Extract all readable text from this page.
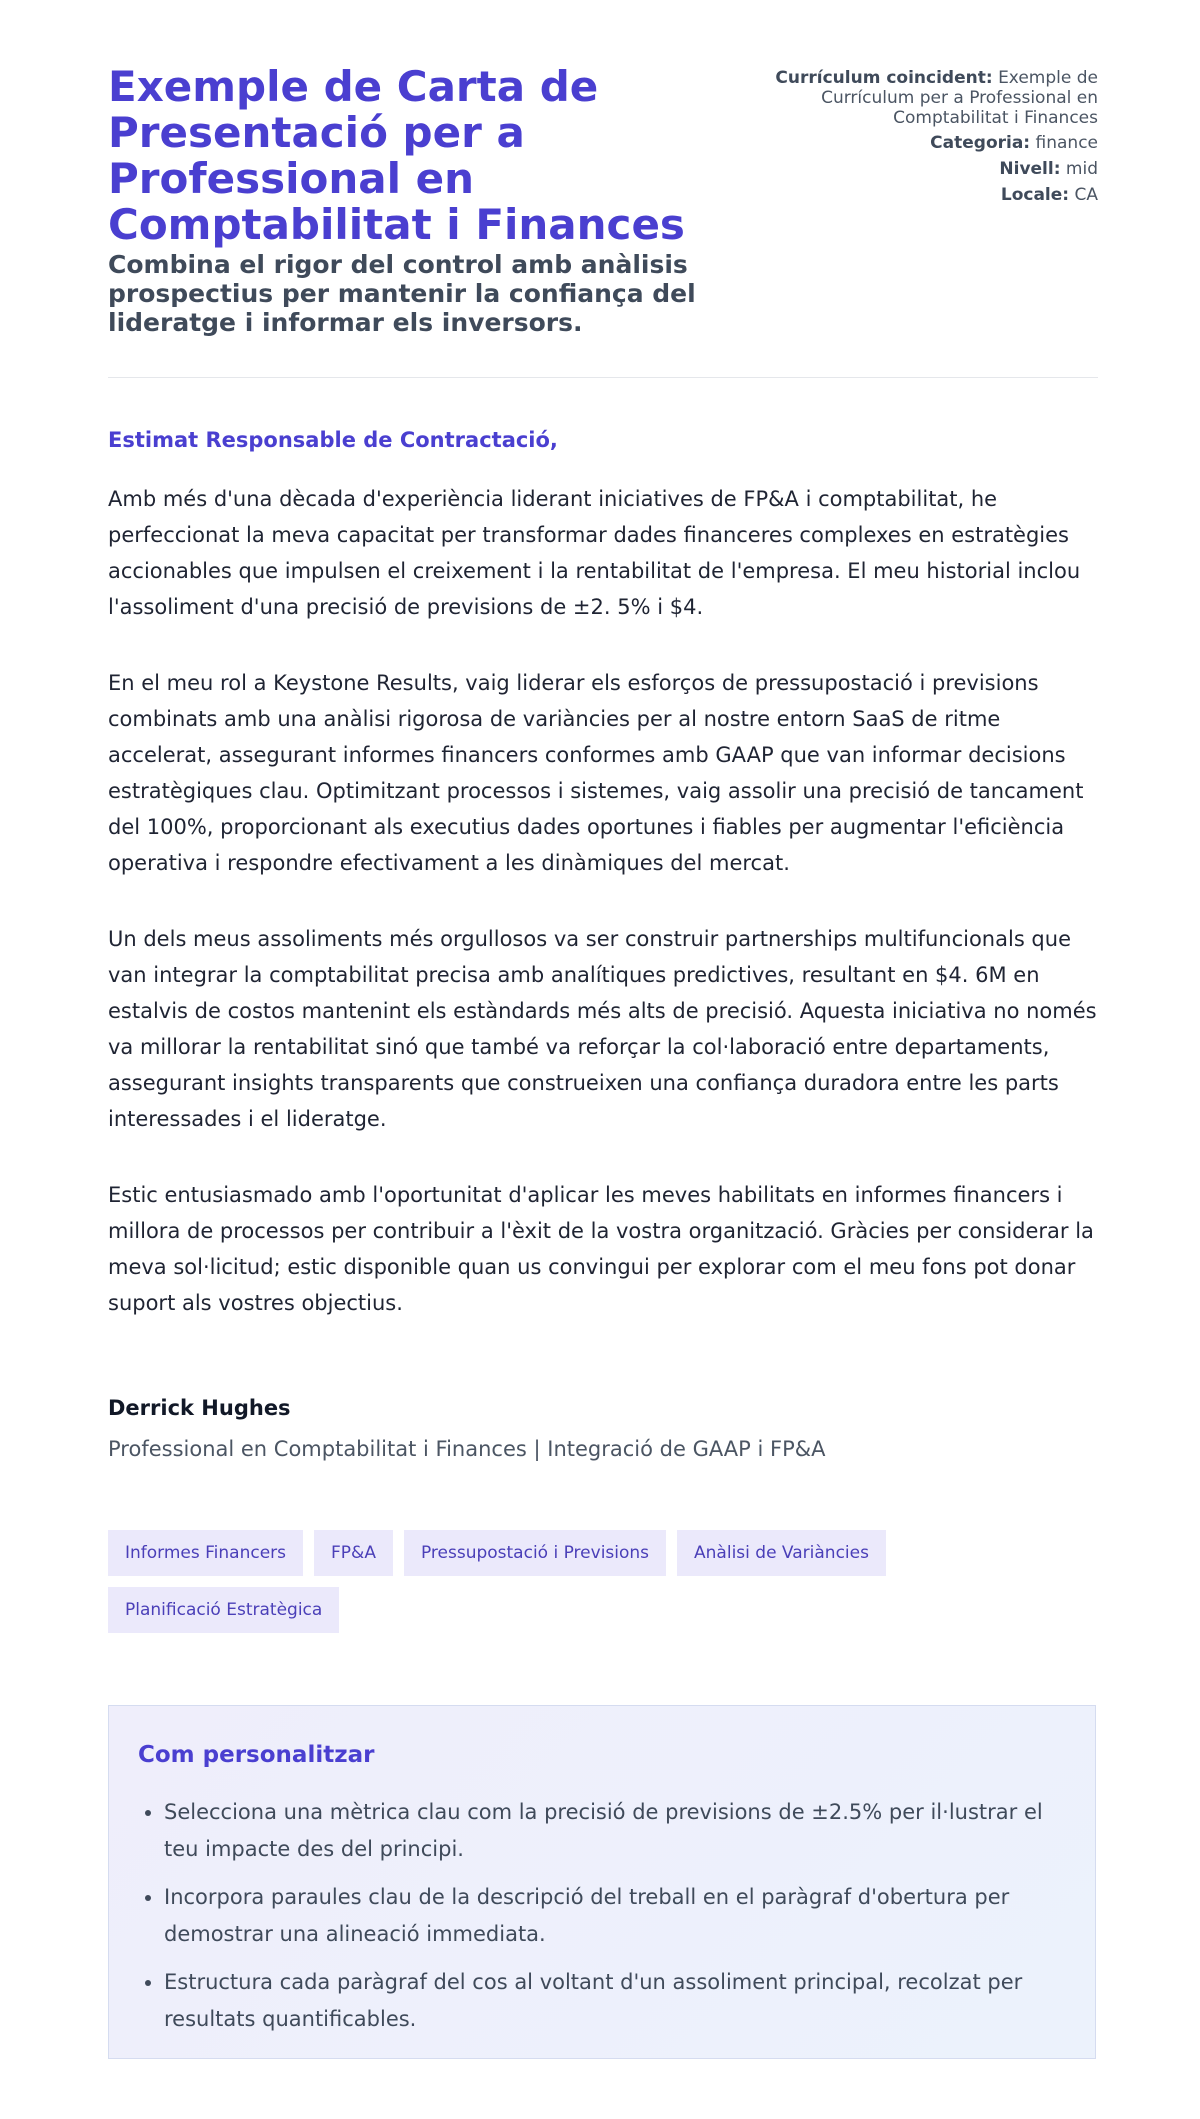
Exemple de Carta de Presentació per a Professional en Comptabilitat i Finances
Combina el rigor del control amb anàlisis prospectius per mantenir la confiança del lideratge i informar els inversors.
Currículum coincident: Exemple de Currículum per a Professional en Comptabilitat i Finances
Categoria: finance
Nivell: mid
Locale: CA
Estimat Responsable de Contractació,

Amb més d'una dècada d'experiència liderant iniciatives de FP&A i comptabilitat, he perfeccionat la meva capacitat per transformar dades financeres complexes en estratègies accionables que impulsen el creixement i la rentabilitat de l'empresa. El meu historial inclou l'assoliment d'una precisió de previsions de ±2. 5% i $4.

En el meu rol a Keystone Results, vaig liderar els esforços de pressupostació i previsions combinats amb una anàlisi rigorosa de variàncies per al nostre entorn SaaS de ritme accelerat, assegurant informes financers conformes amb GAAP que van informar decisions estratègiques clau. Optimitzant processos i sistemes, vaig assolir una precisió de tancament del 100%, proporcionant als executius dades oportunes i fiables per augmentar l'eficiència operativa i respondre efectivament a les dinàmiques del mercat.

Un dels meus assoliments més orgullosos va ser construir partnerships multifuncionals que van integrar la comptabilitat precisa amb analítiques predictives, resultant en $4. 6M en estalvis de costos mantenint els estàndards més alts de precisió. Aquesta iniciativa no només va millorar la rentabilitat sinó que també va reforçar la col·laboració entre departaments, assegurant insights transparents que construeixen una confiança duradora entre les parts interessades i el lideratge.

Estic entusiasmado amb l'oportunitat d'aplicar les meves habilitats en informes financers i millora de processos per contribuir a l'èxit de la vostra organització. Gràcies per considerar la meva sol·licitud; estic disponible quan us convingui per explorar com el meu fons pot donar suport als vostres objectius.

Derrick Hughes
Professional en Comptabilitat i Finances | Integració de GAAP i FP&A
Informes Financers	FP&A	Pressupostació i Previsions	Anàlisi de Variàncies
Planificació Estratègica
Com personalitzar
• Selecciona una mètrica clau com la precisió de previsions de ±2.5% per il·lustrar el teu impacte des del principi.
• Incorpora paraules clau de la descripció del treball en el paràgraf d'obertura per demostrar una alineació immediata.
• Estructura cada paràgraf del cos al voltant d'un assoliment principal, recolzat per resultats quantificables.
